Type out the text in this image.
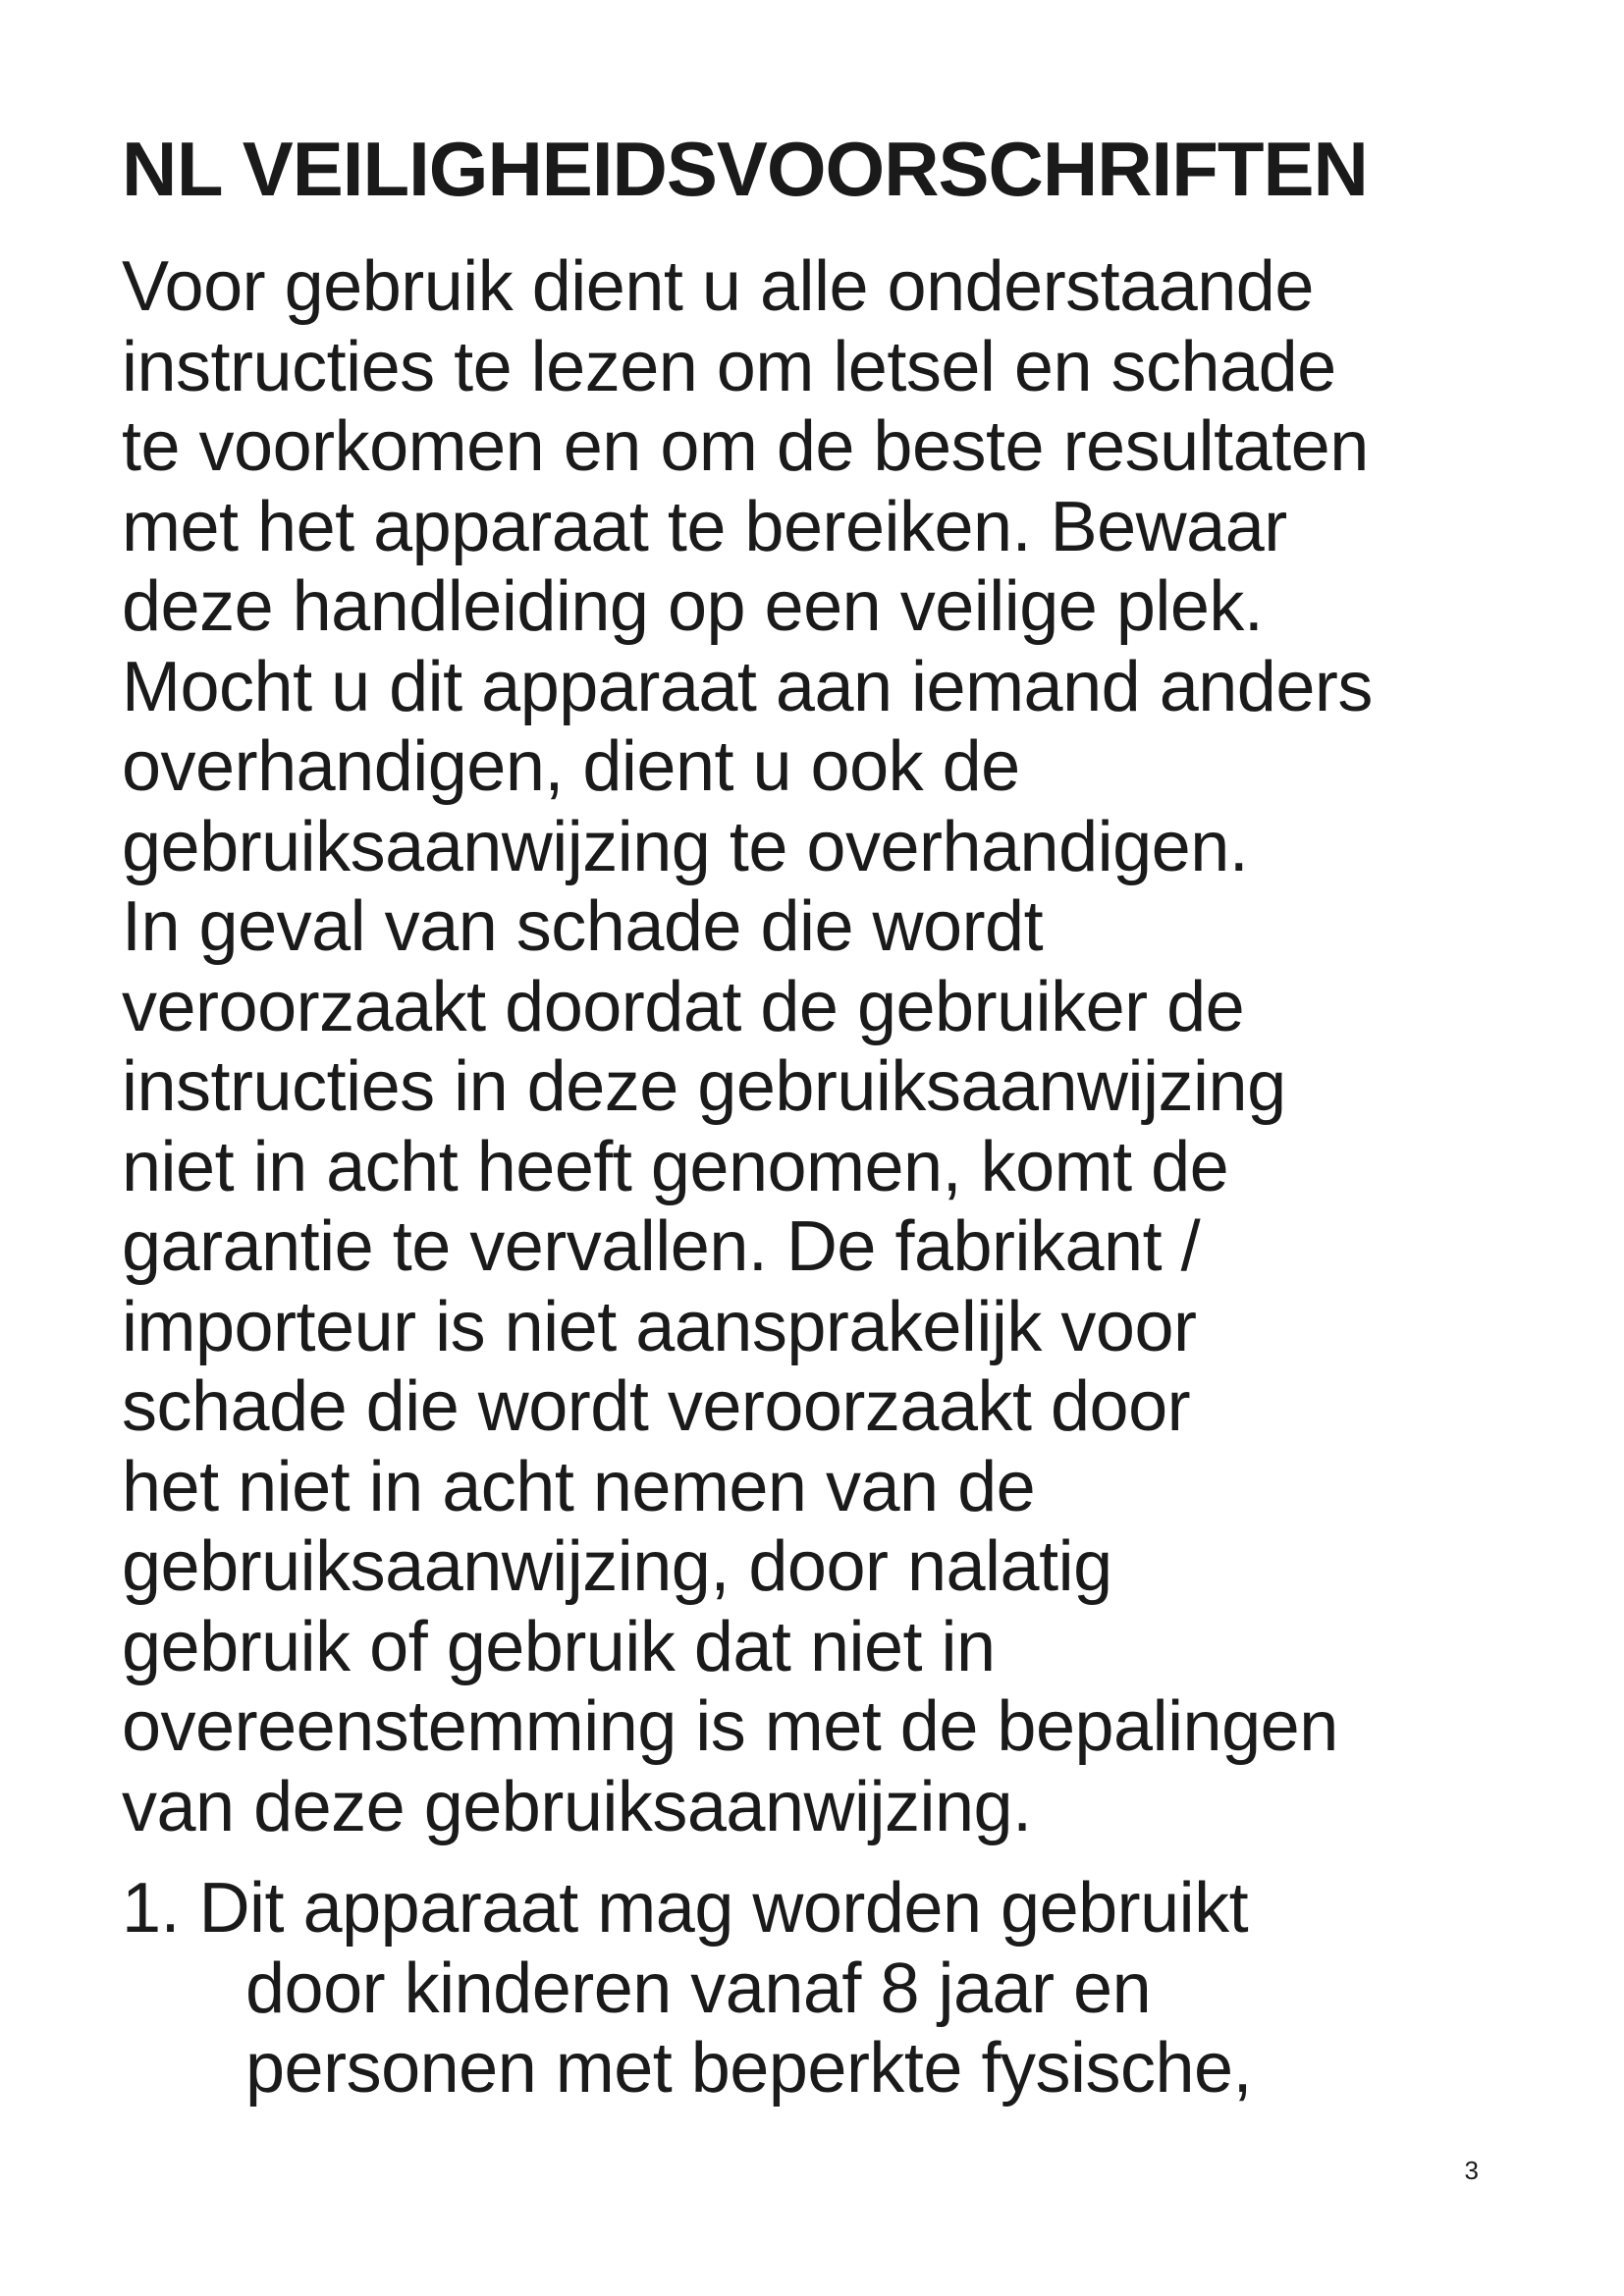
NL VEILIGHEIDSVOORSCHRIFTEN

Voor gebruik dient u alle onderstaande
instructies te lezen om letsel en schade
te voorkomen en om de beste resultaten
met het apparaat te bereiken. Bewaar
deze handleiding op een veilige plek.
Mocht u dit apparaat aan iemand anders
overhandigen, dient u ook de
gebruiksaanwijzing te overhandigen.
In geval van schade die wordt
veroorzaakt doordat de gebruiker de
instructies in deze gebruiksaanwijzing
niet in acht heeft genomen, komt de
garantie te vervallen. De fabrikant /
importeur is niet aansprakelijk voor
schade die wordt veroorzaakt door
het niet in acht nemen van de
gebruiksaanwijzing, door nalatig
gebruik of gebruik dat niet in
overeenstemming is met de bepalingen
van deze gebruiksaanwijzing.

1. Dit apparaat mag worden gebruikt
door kinderen vanaf 8 jaar en
personen met beperkte fysische,
3
